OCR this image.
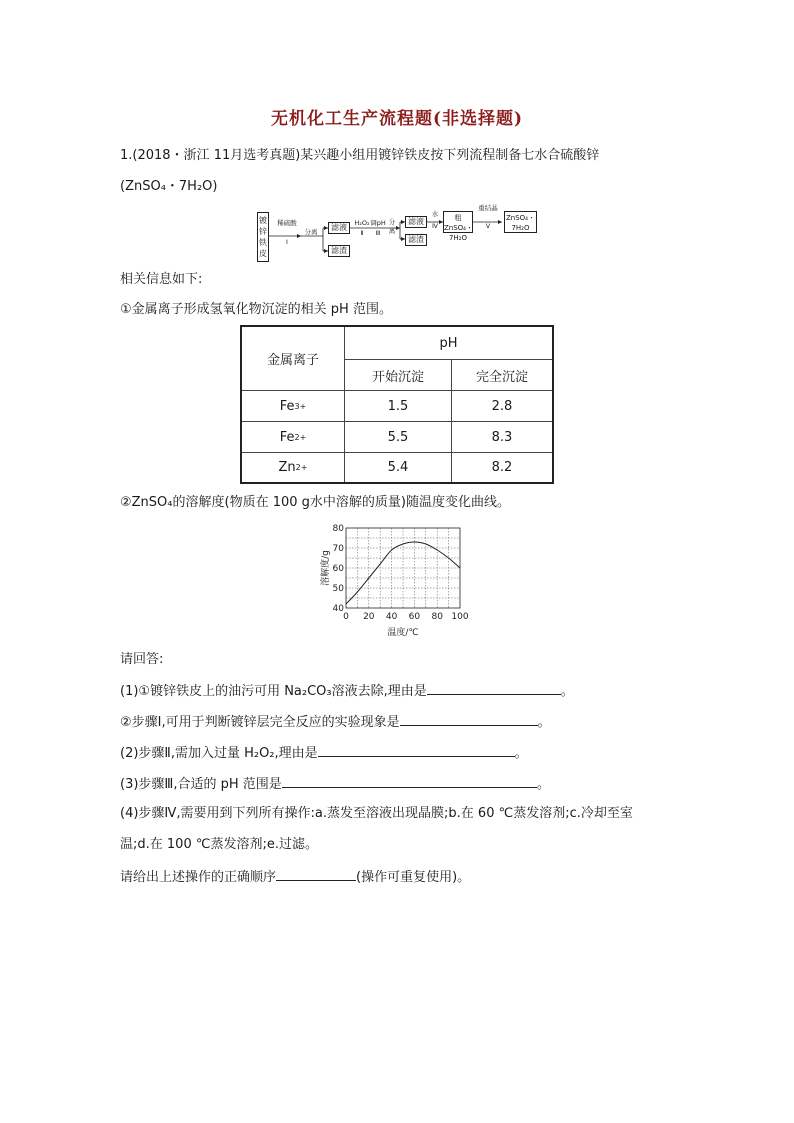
无机化工生产流程题(非选择题)
1.(2018・浙江 11月选考真题)某兴趣小组用镀锌铁皮按下列流程制备七水合硫酸锌
(ZnSO₄・7H₂O)
镀锌铁皮
稀硫酸
Ⅰ
分离	滤液
滤渣
H₂O₂
Ⅱ
调pH
Ⅲ
分离
滤液
滤渣
水
Ⅳ
粗ZnSO₄・7H₂O
重结晶
Ⅴ
ZnSO₄・7H₂O
相关信息如下:
①金属离子形成氢氧化物沉淀的相关 pH 范围。
金属离子
pH
开始沉淀	完全沉淀
Fe 3+	1.5	2.8
Fe 2+	5.5	8.3
Zn 2+	5.4	8.2
②ZnSO₄的溶解度(物质在 100 g水中溶解的质量)随温度变化曲线。
0 20 40 60 80 100
40
50
60
70
80
溶解度/g
温度/℃
请回答:
(1)①镀锌铁皮上的油污可用 Na₂CO₃溶液去除,理由是	。
②步骤Ⅰ,可用于判断镀锌层完全反应的实验现象是	。
(2)步骤Ⅱ,需加入过量 H₂O₂,理由是	。
(3)步骤Ⅲ,合适的 pH 范围是	。
(4)步骤Ⅳ,需要用到下列所有操作:a.蒸发至溶液出现晶膜;b.在 60 ℃蒸发溶剂;c.冷却至室
温;d.在 100 ℃蒸发溶剂;e.过滤。
请给出上述操作的正确顺序	(操作可重复使用)。
